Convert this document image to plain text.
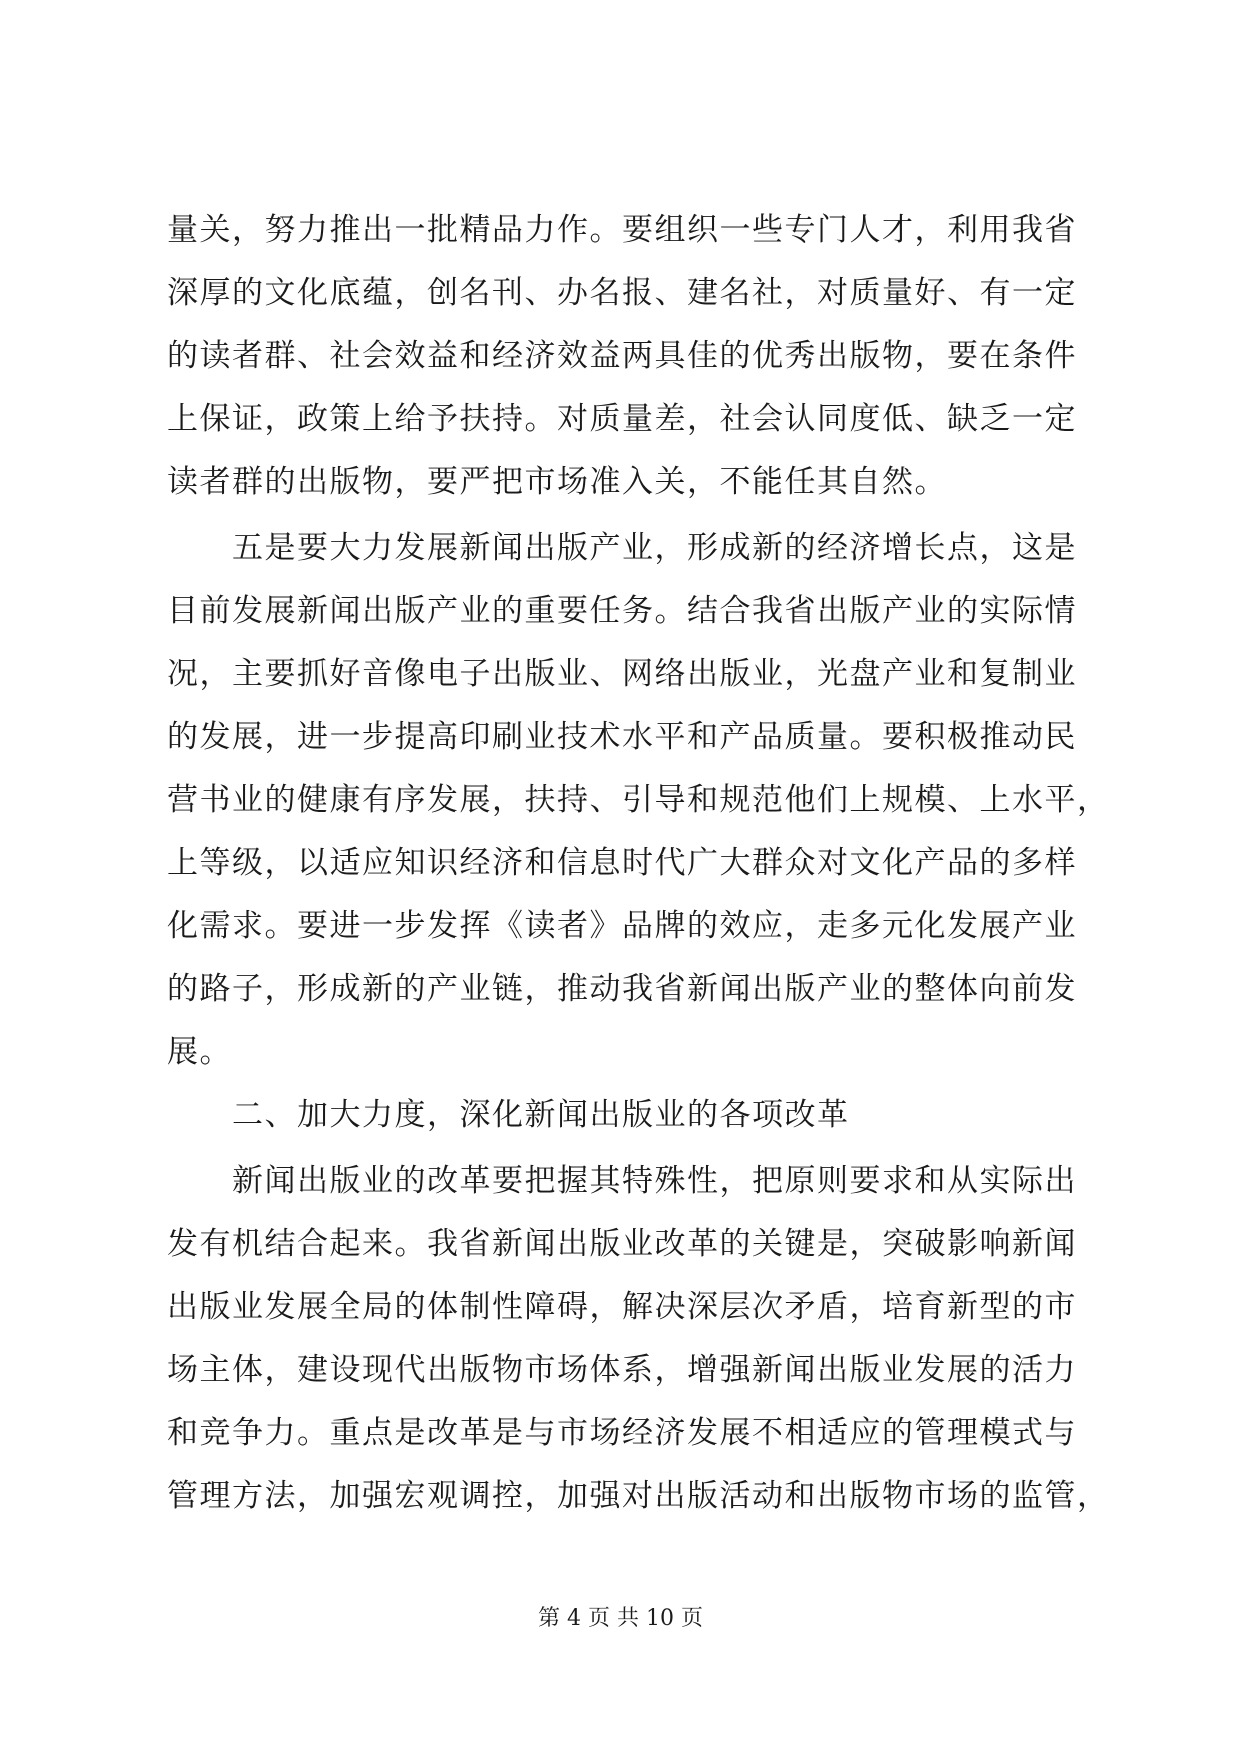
量关，努力推出一批精品力作。要组织一些专门人才，利用我省
深厚的文化底蕴，创名刊、办名报、建名社，对质量好、有一定
的读者群、社会效益和经济效益两具佳的优秀出版物，要在条件
上保证，政策上给予扶持。对质量差，社会认同度低、缺乏一定
读者群的出版物，要严把市场准入关，不能任其自然。
五是要大力发展新闻出版产业，形成新的经济增长点，这是
目前发展新闻出版产业的重要任务。结合我省出版产业的实际情
况，主要抓好音像电子出版业、网络出版业，光盘产业和复制业
的发展，进一步提高印刷业技术水平和产品质量。要积极推动民
营书业的健康有序发展，扶持、引导和规范他们上规模、上水平，
上等级，以适应知识经济和信息时代广大群众对文化产品的多样
化需求。要进一步发挥《读者》品牌的效应，走多元化发展产业
的路子，形成新的产业链，推动我省新闻出版产业的整体向前发
展。
二、加大力度，深化新闻出版业的各项改革
新闻出版业的改革要把握其特殊性，把原则要求和从实际出
发有机结合起来。我省新闻出版业改革的关键是，突破影响新闻
出版业发展全局的体制性障碍，解决深层次矛盾，培育新型的市
场主体，建设现代出版物市场体系，增强新闻出版业发展的活力
和竞争力。重点是改革是与市场经济发展不相适应的管理模式与
管理方法，加强宏观调控，加强对出版活动和出版物市场的监管，
第 4 页 共 10 页
